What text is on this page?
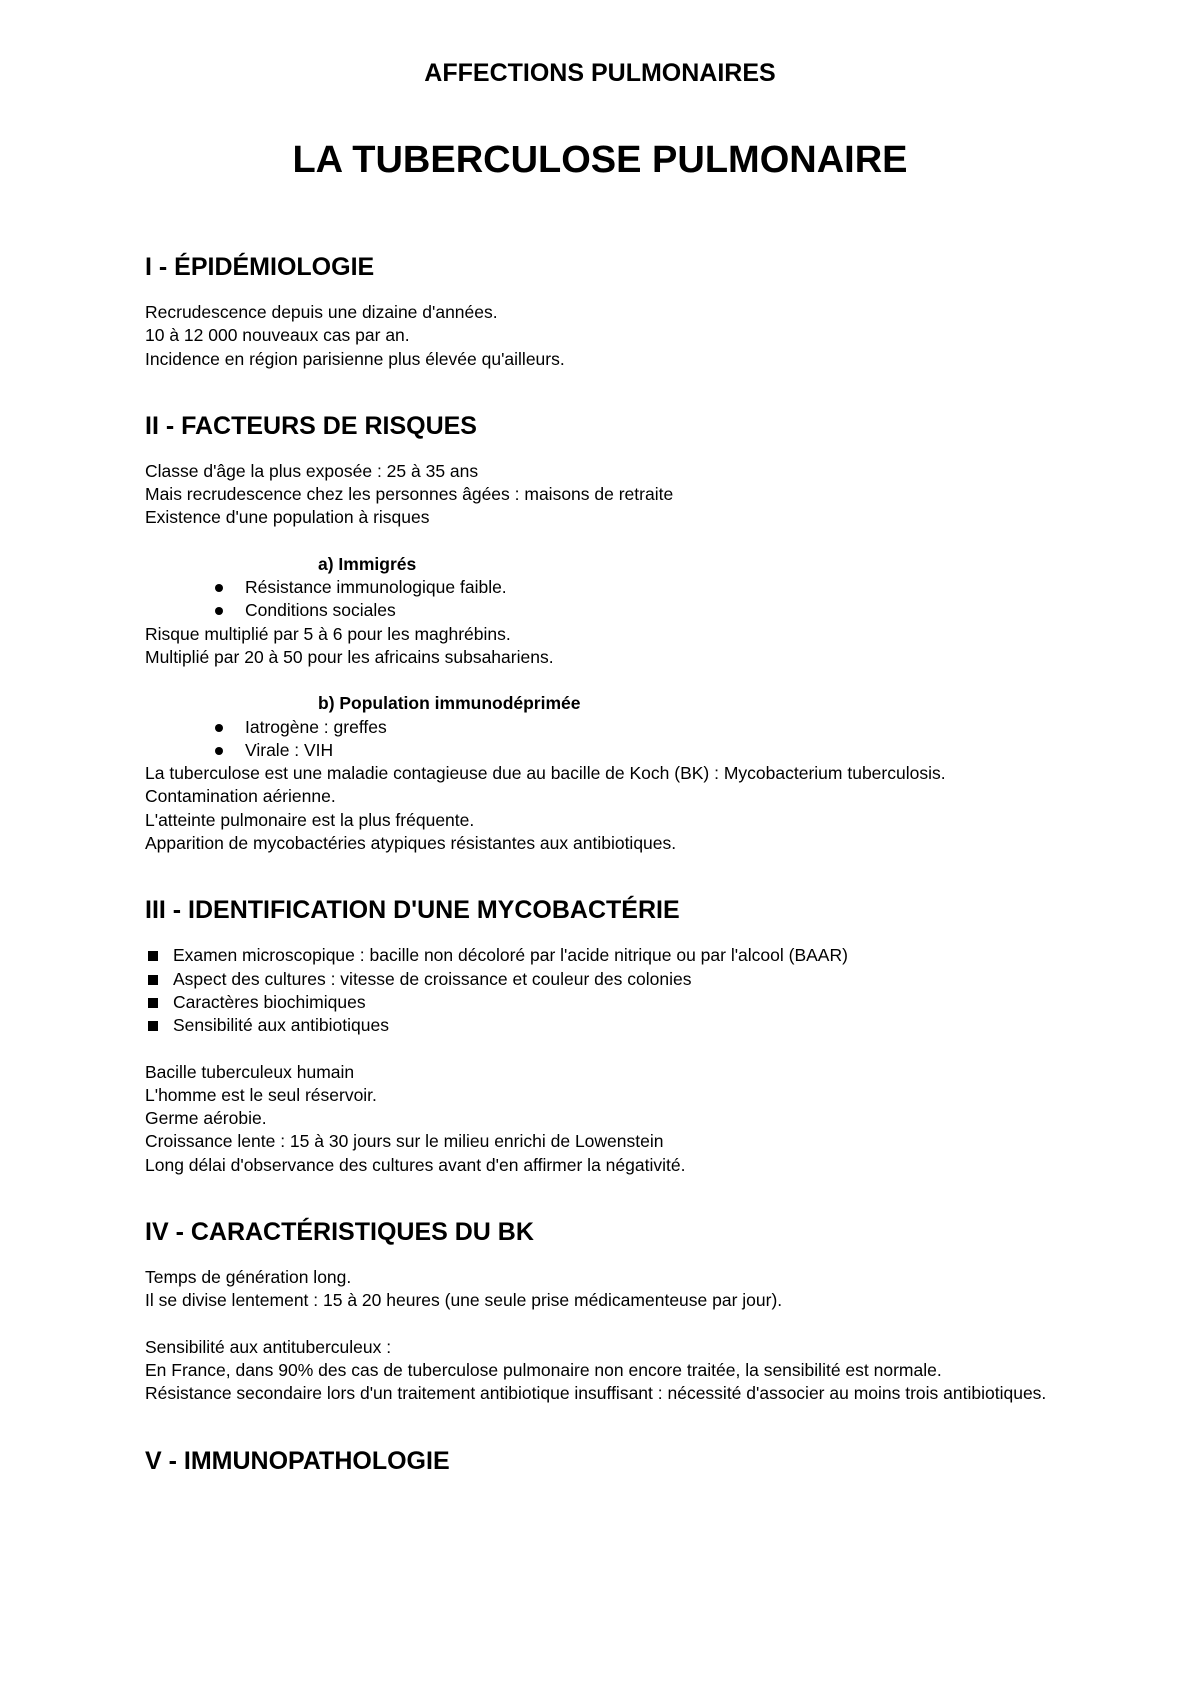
AFFECTIONS PULMONAIRES
LA TUBERCULOSE PULMONAIRE
I - ÉPIDÉMIOLOGIE

Recrudescence depuis une dizaine d'années.
10 à 12 000 nouveaux cas par an.
Incidence en région parisienne plus élevée qu'ailleurs.

II - FACTEURS DE RISQUES

Classe d'âge la plus exposée : 25 à 35 ans
Mais recrudescence chez les personnes âgées : maisons de retraite
Existence d'une population à risques

a) Immigrés
Résistance immunologique faible.
Conditions sociales

Risque multiplié par 5 à 6 pour les maghrébins.
Multiplié par 20 à 50 pour les africains subsahariens.

b) Population immunodéprimée
Iatrogène : greffes
Virale : VIH

La tuberculose est une maladie contagieuse due au bacille de Koch (BK) : Mycobacterium tuberculosis.
Contamination aérienne.
L'atteinte pulmonaire est la plus fréquente.
Apparition de mycobactéries atypiques résistantes aux antibiotiques.

III - IDENTIFICATION D'UNE MYCOBACTÉRIE
Examen microscopique : bacille non décoloré par l'acide nitrique ou par l'alcool (BAAR)
Aspect des cultures : vitesse de croissance et couleur des colonies
Caractères biochimiques
Sensibilité aux antibiotiques

Bacille tuberculeux humain
L'homme est le seul réservoir.
Germe aérobie.
Croissance lente : 15 à 30 jours sur le milieu enrichi de Lowenstein
Long délai d'observance des cultures avant d'en affirmer la négativité.

IV - CARACTÉRISTIQUES DU BK

Temps de génération long.
Il se divise lentement : 15 à 20 heures (une seule prise médicamenteuse par jour).

Sensibilité aux antituberculeux :
En France, dans 90% des cas de tuberculose pulmonaire non encore traitée, la sensibilité est normale.
Résistance secondaire lors d'un traitement antibiotique insuffisant : nécessité d'associer au moins trois antibiotiques.

V - IMMUNOPATHOLOGIE
